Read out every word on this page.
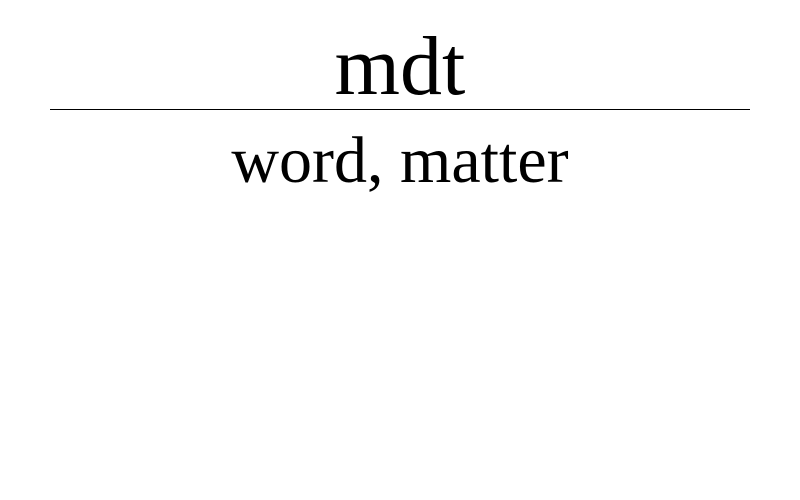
mdt
word, matter
